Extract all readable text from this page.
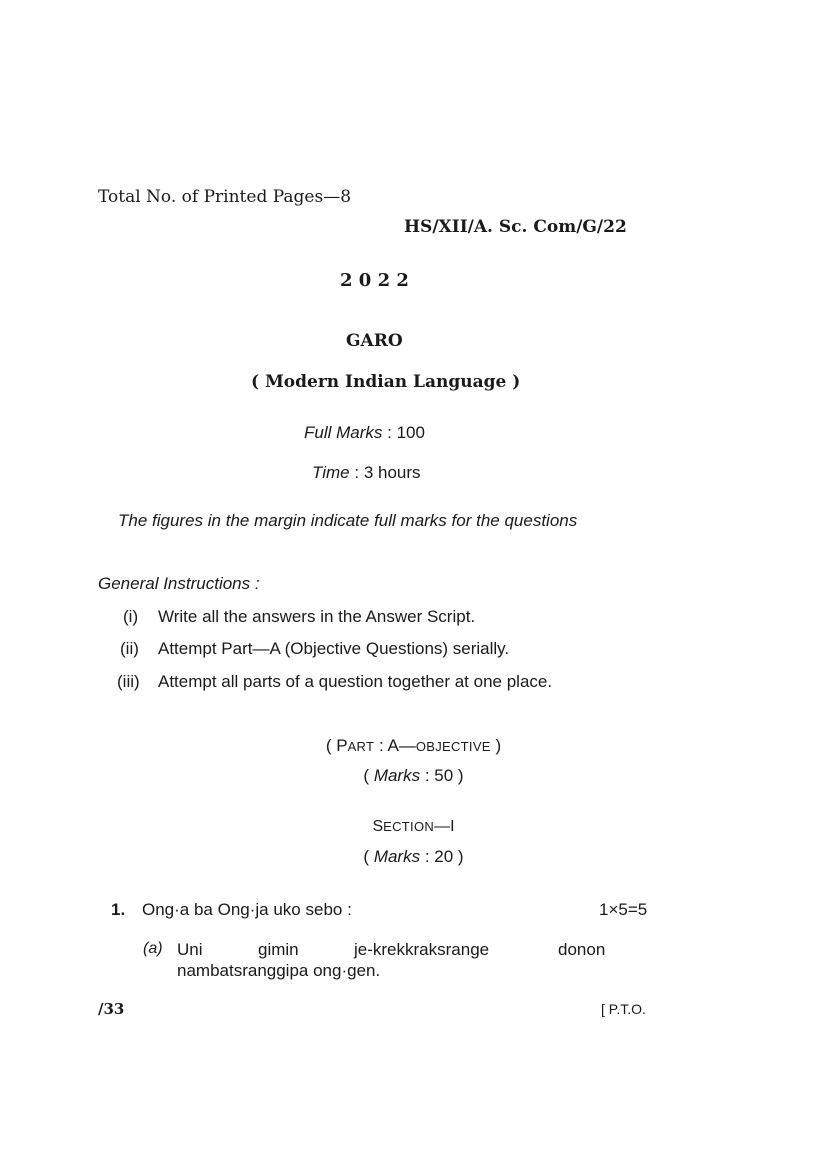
Total No. of Printed Pages—8
HS/XII/A. Sc. Com/G/22
2 0 2 2
GARO
( Modern Indian Language )
Full Marks : 100
Time : 3 hours
The figures in the margin indicate full marks for the questions
General Instructions :
(i) Write all the answers in the Answer Script.
(ii) Attempt Part—A (Objective Questions) serially.
(iii) Attempt all parts of a question together at one place.
( PART : A—OBJECTIVE )
( Marks : 50 )
SECTION—I
( Marks : 20 )
1. Ong·a ba Ong·ja uko sebo :	1×5=5
(a) Uni	gimin	je-krekkraksrange	donon
nambatsranggipa ong·gen.
/33	[ P.T.O.
